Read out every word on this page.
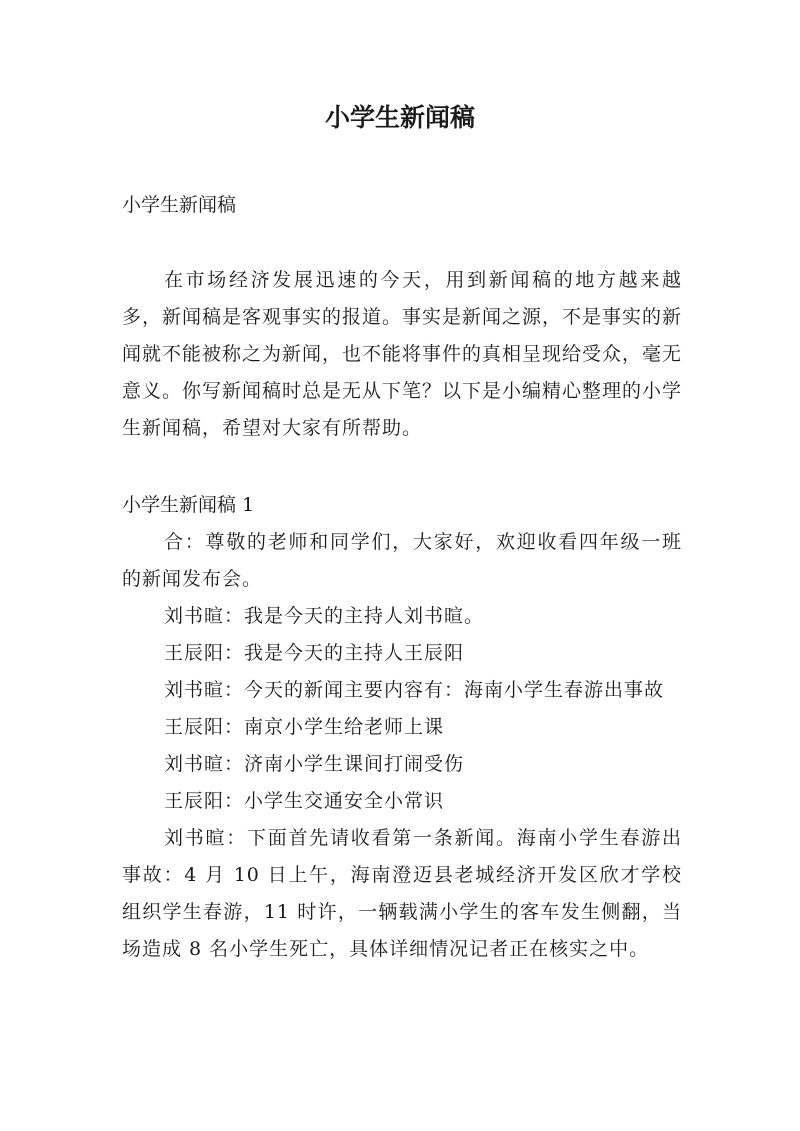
小学生新闻稿
小学生新闻稿

在市场经济发展迅速的今天，用到新闻稿的地方越来越多，新闻稿是客观事实的报道。事实是新闻之源，不是事实的新闻就不能被称之为新闻，也不能将事件的真相呈现给受众，毫无意义。你写新闻稿时总是无从下笔？以下是小编精心整理的小学生新闻稿，希望对大家有所帮助。

小学生新闻稿 1

合：尊敬的老师和同学们，大家好，欢迎收看四年级一班的新闻发布会。

刘书暄：我是今天的主持人刘书暄。

王辰阳：我是今天的主持人王辰阳

刘书暄：今天的新闻主要内容有：海南小学生春游出事故

王辰阳：南京小学生给老师上课

刘书暄：济南小学生课间打闹受伤

王辰阳：小学生交通安全小常识

刘书暄：下面首先请收看第一条新闻。海南小学生春游出事故：4 月 10 日上午，海南澄迈县老城经济开发区欣才学校组织学生春游，11 时许，一辆载满小学生的客车发生侧翻，当场造成 8 名小学生死亡，具体详细情况记者正在核实之中。
